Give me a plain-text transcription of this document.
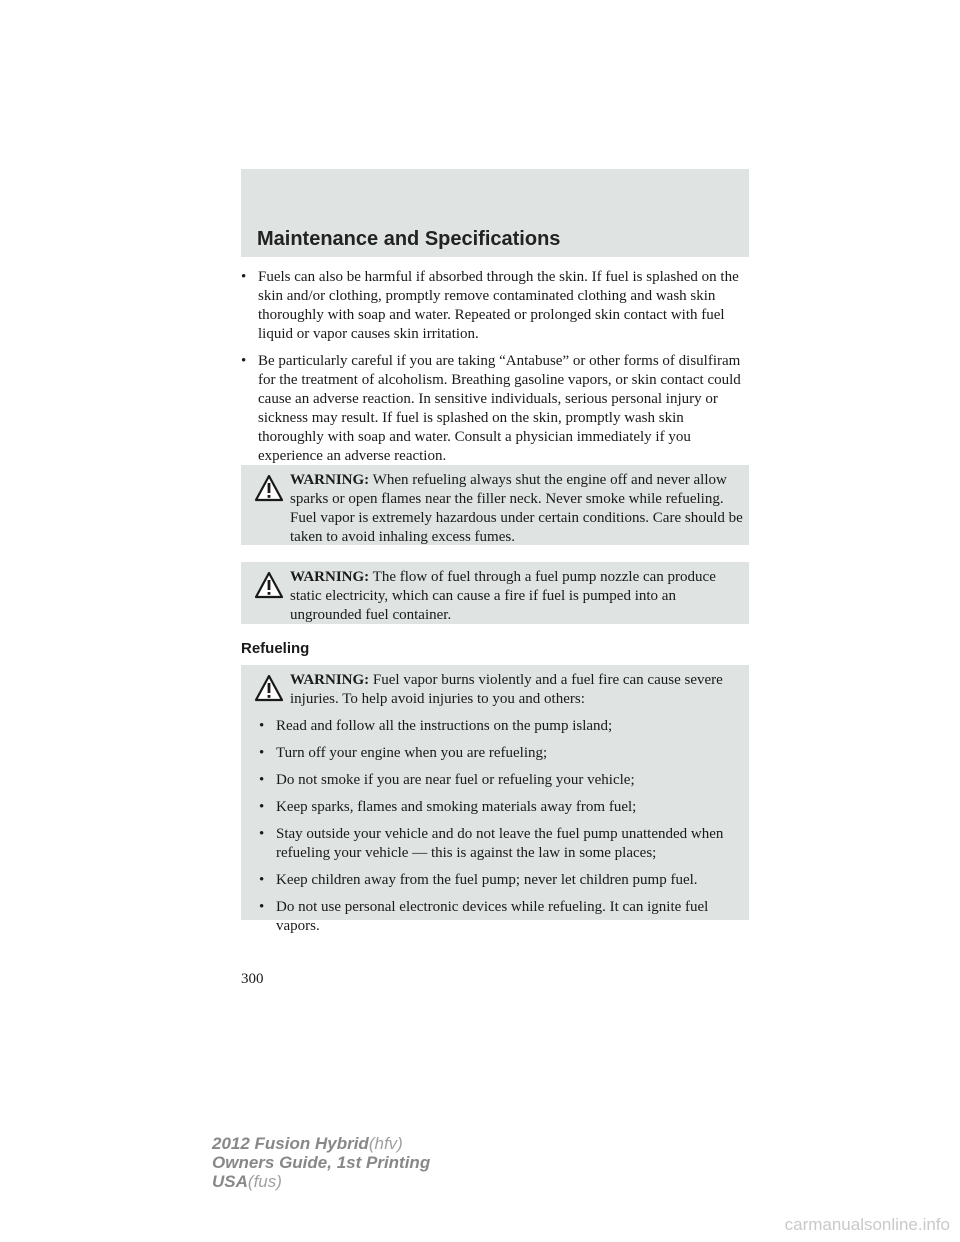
Maintenance and Specifications
• Fuels can also be harmful if absorbed through the skin. If fuel is splashed on the skin and/or clothing, promptly remove contaminated clothing and wash skin thoroughly with soap and water. Repeated or prolonged skin contact with fuel liquid or vapor causes skin irritation.
• Be particularly careful if you are taking “Antabuse” or other forms of disulfiram for the treatment of alcoholism. Breathing gasoline vapors, or skin contact could cause an adverse reaction. In sensitive individuals, serious personal injury or sickness may result. If fuel is splashed on the skin, promptly wash skin thoroughly with soap and water. Consult a physician immediately if you experience an adverse reaction.
WARNING: When refueling always shut the engine off and never allow sparks or open flames near the filler neck. Never smoke while refueling. Fuel vapor is extremely hazardous under certain conditions. Care should be taken to avoid inhaling excess fumes.
WARNING: The flow of fuel through a fuel pump nozzle can produce static electricity, which can cause a fire if fuel is pumped into an ungrounded fuel container.
Refueling
WARNING: Fuel vapor burns violently and a fuel fire can cause severe injuries. To help avoid injuries to you and others:
• Read and follow all the instructions on the pump island;
• Turn off your engine when you are refueling;
• Do not smoke if you are near fuel or refueling your vehicle;
• Keep sparks, flames and smoking materials away from fuel;
• Stay outside your vehicle and do not leave the fuel pump unattended when refueling your vehicle — this is against the law in some places;
• Keep children away from the fuel pump; never let children pump fuel.
• Do not use personal electronic devices while refueling. It can ignite fuel vapors.
300
2012 Fusion Hybrid(hfv)
Owners Guide, 1st Printing
USA(fus)
carmanualsonline.info
